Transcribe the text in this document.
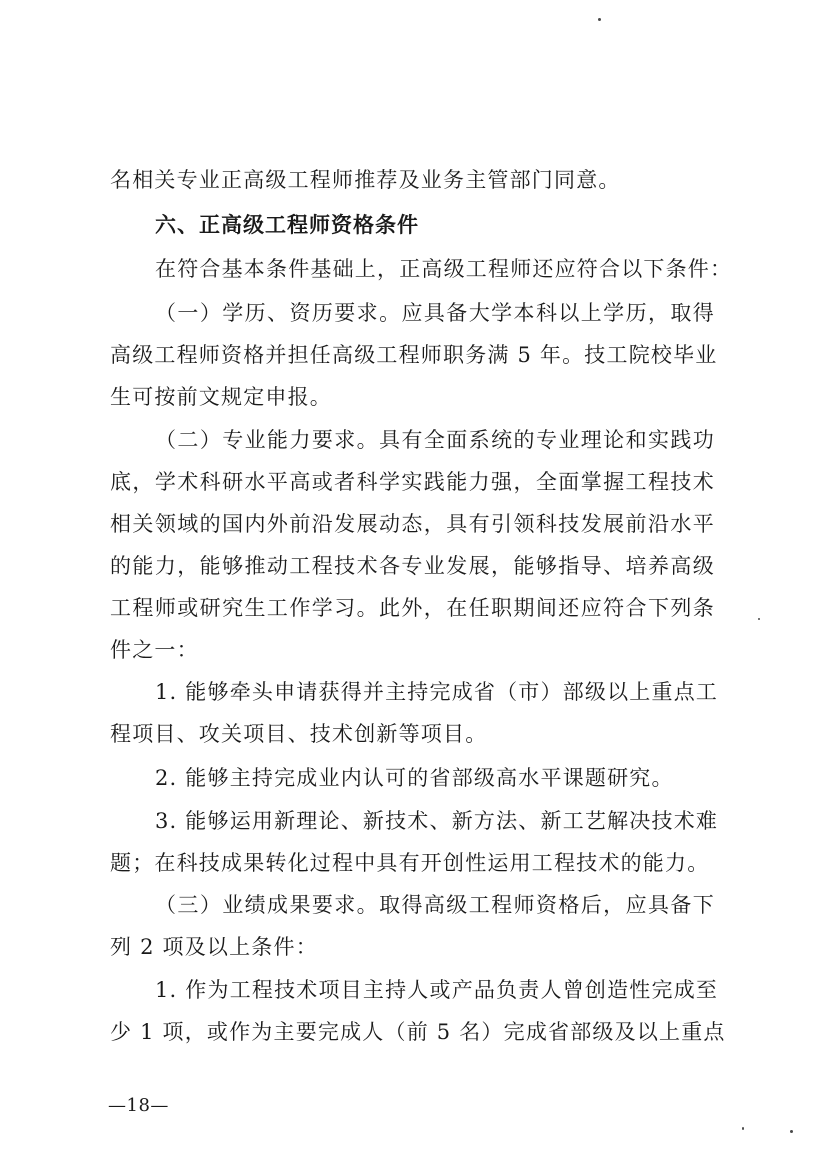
名相关专业正高级工程师推荐及业务主管部门同意。
六、正高级工程师资格条件
在符合基本条件基础上，正高级工程师还应符合以下条件：
（一）学历、资历要求。应具备大学本科以上学历，取得
高级工程师资格并担任高级工程师职务满 5 年。技工院校毕业
生可按前文规定申报。
（二）专业能力要求。具有全面系统的专业理论和实践功
底，学术科研水平高或者科学实践能力强，全面掌握工程技术
相关领域的国内外前沿发展动态，具有引领科技发展前沿水平
的能力，能够推动工程技术各专业发展，能够指导、培养高级
工程师或研究生工作学习。此外，在任职期间还应符合下列条
件之一：
1. 能够牵头申请获得并主持完成省（市）部级以上重点工
程项目、攻关项目、技术创新等项目。
2. 能够主持完成业内认可的省部级高水平课题研究。
3. 能够运用新理论、新技术、新方法、新工艺解决技术难
题；在科技成果转化过程中具有开创性运用工程技术的能力。
（三）业绩成果要求。取得高级工程师资格后，应具备下
列 2 项及以上条件：
1. 作为工程技术项目主持人或产品负责人曾创造性完成至
少 1 项，或作为主要完成人（前 5 名）完成省部级及以上重点
—18—
